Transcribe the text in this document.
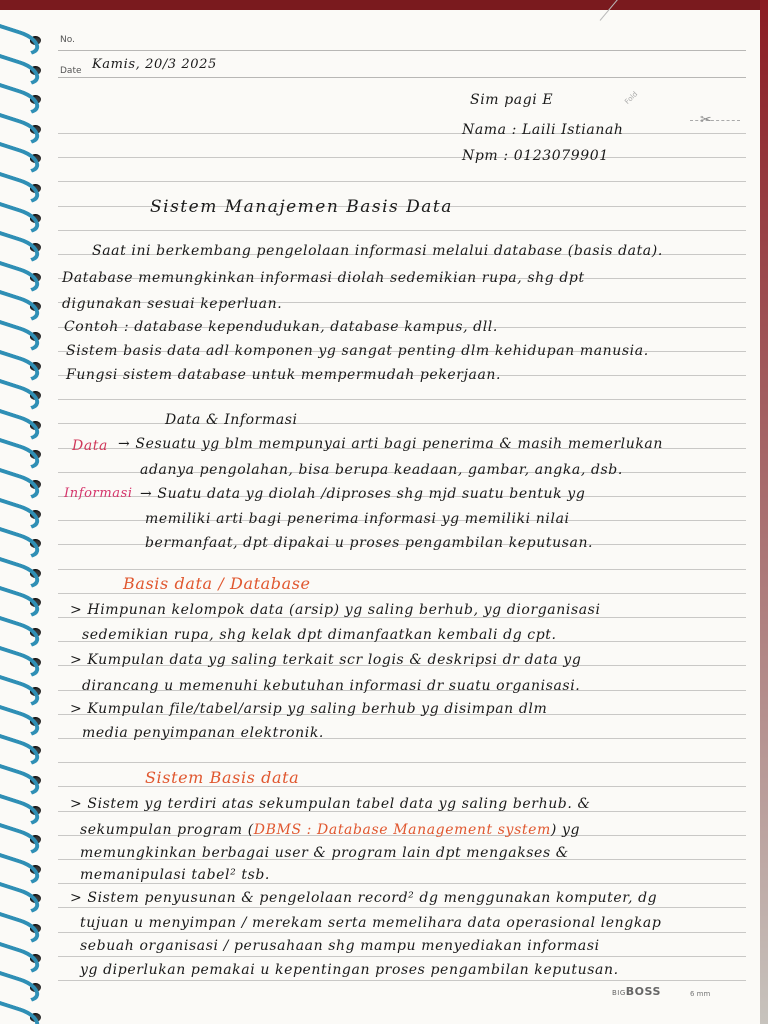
No.
Date Kamis, 20/3 2025
Fold
✂
Sim pagi E
Nama : Laili Istianah
Npm : 0123079901
Sistem Manajemen Basis Data
Saat ini berkembang pengelolaan informasi melalui database (basis data).
Database memungkinkan informasi diolah sedemikian rupa, shg dpt
digunakan sesuai keperluan.
Contoh : database kependudukan, database kampus, dll.
Sistem basis data adl komponen yg sangat penting dlm kehidupan manusia.
Fungsi sistem database untuk mempermudah pekerjaan.
Data & Informasi
Data → Sesuatu yg blm mempunyai arti bagi penerima & masih memerlukan
adanya pengolahan, bisa berupa keadaan, gambar, angka, dsb.
Informasi → Suatu data yg diolah /diproses shg mjd suatu bentuk yg
memiliki arti bagi penerima informasi yg memiliki nilai
bermanfaat, dpt dipakai u proses pengambilan keputusan.
Basis data / Database
> Himpunan kelompok data (arsip) yg saling berhub, yg diorganisasi
sedemikian rupa, shg kelak dpt dimanfaatkan kembali dg cpt.
> Kumpulan data yg saling terkait scr logis & deskripsi dr data yg
dirancang u memenuhi kebutuhan informasi dr suatu organisasi.
> Kumpulan file/tabel/arsip yg saling berhub yg disimpan dlm
media penyimpanan elektronik.
Sistem Basis data
> Sistem yg terdiri atas sekumpulan tabel data yg saling berhub. &
sekumpulan program (DBMS : Database Management system) yg
memungkinkan berbagai user & program lain dpt mengakses &
memanipulasi tabel² tsb.
> Sistem penyusunan & pengelolaan record² dg menggunakan komputer, dg
tujuan u menyimpan / merekam serta memelihara data operasional lengkap
sebuah organisasi / perusahaan shg mampu menyediakan informasi
yg diperlukan pemakai u kepentingan proses pengambilan keputusan.
BIGBOSS	6 mm
